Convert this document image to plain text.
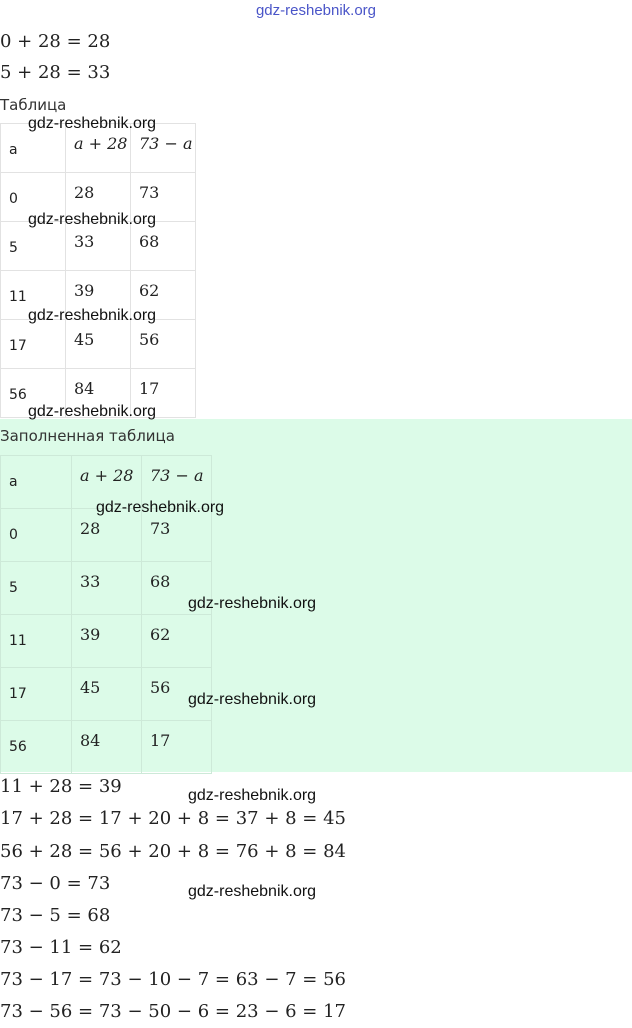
gdz-reshebnik.org
0 + 28 = 28
5 + 28 = 33
Таблица
a	a + 28	73 − a

0	28	73

5	33	68

11	39	62

17	45	56

56	84	17
Заполненная таблица
a	a + 28	73 − a

0	28	73

5	33	68

11	39	62

17	45	56

56	84	17
11 + 28 = 39
17 + 28 = 17 + 20 + 8 = 37 + 8 = 45
56 + 28 = 56 + 20 + 8 = 76 + 8 = 84
73 − 0 = 73
73 − 5 = 68
73 − 11 = 62
73 − 17 = 73 − 10 − 7 = 63 − 7 = 56
73 − 56 = 73 − 50 − 6 = 23 − 6 = 17
gdz-reshebnik.org
gdz-reshebnik.org
gdz-reshebnik.org
gdz-reshebnik.org
gdz-reshebnik.org
gdz-reshebnik.org
gdz-reshebnik.org
gdz-reshebnik.org
gdz-reshebnik.org
